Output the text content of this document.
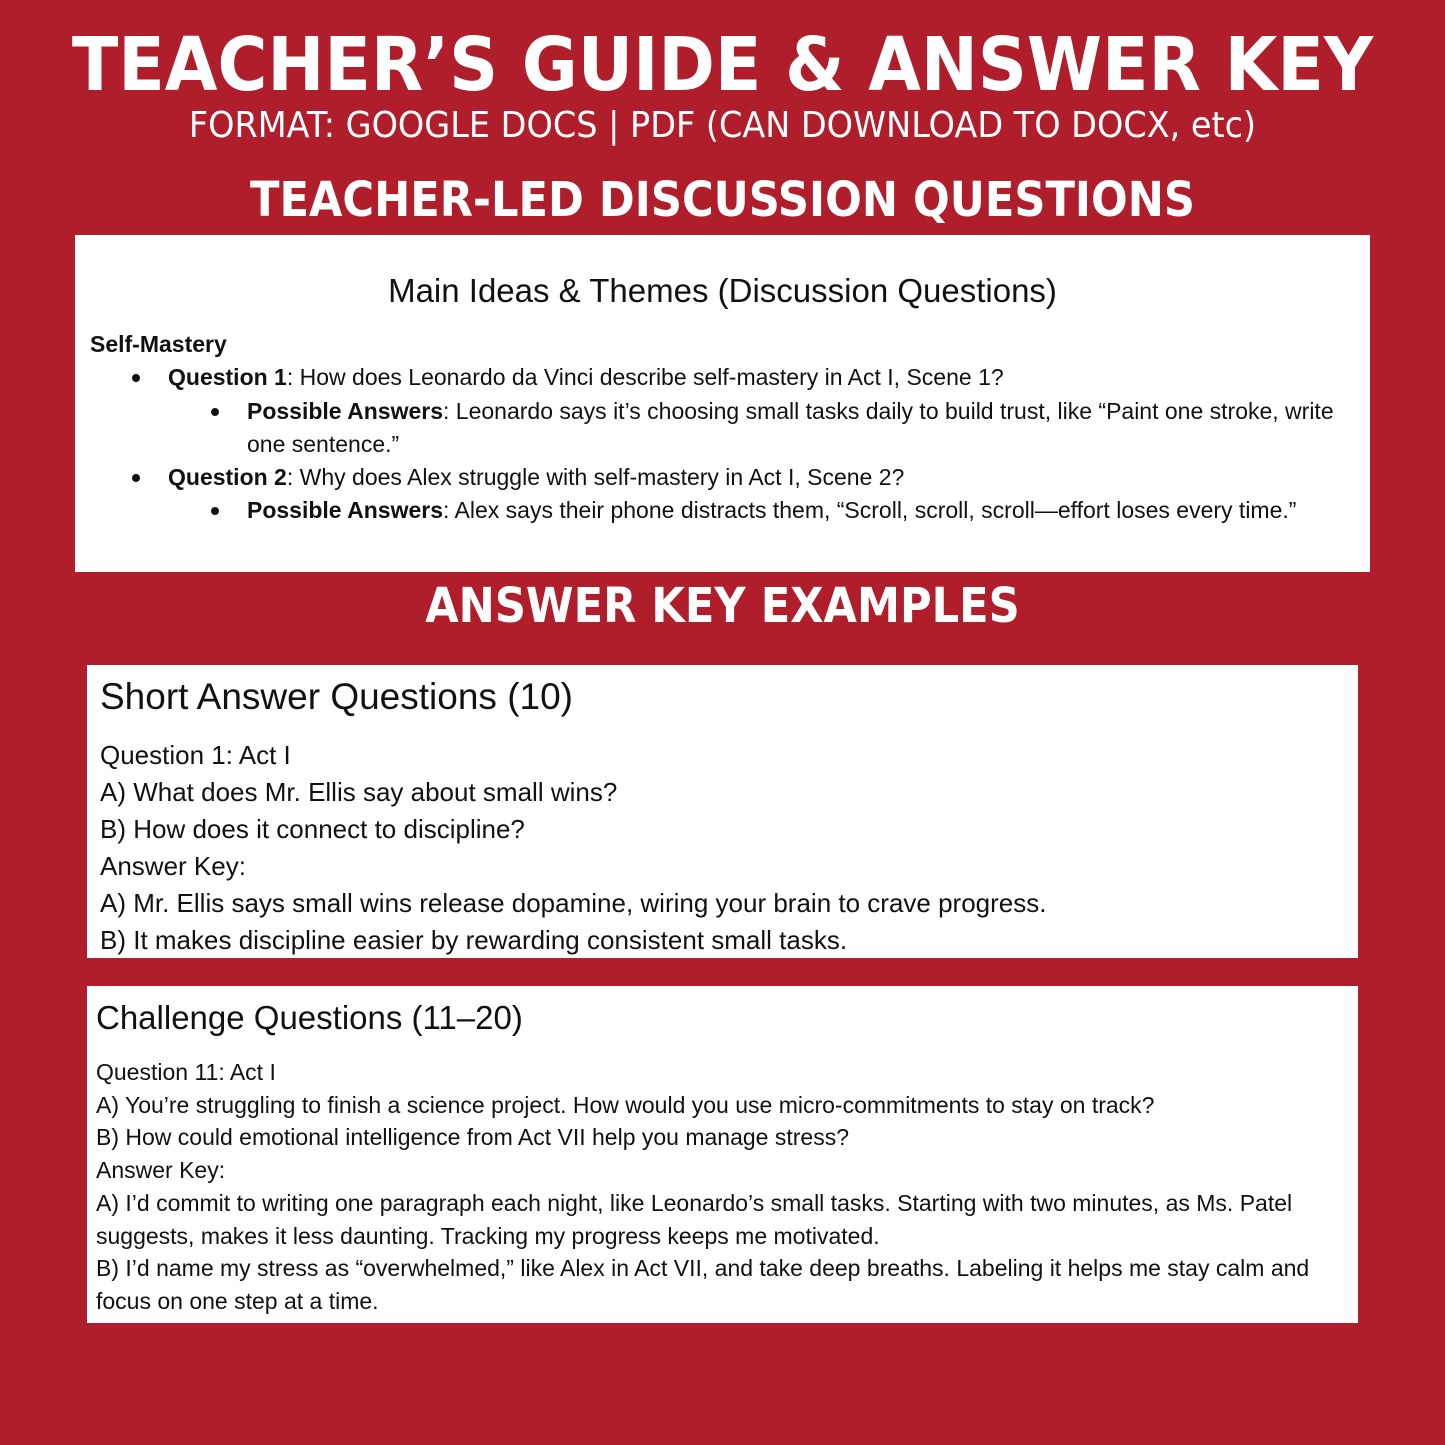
TEACHER’S GUIDE & ANSWER KEY
FORMAT: GOOGLE DOCS | PDF (CAN DOWNLOAD TO DOCX, etc)
TEACHER-LED DISCUSSION QUESTIONS
Main Ideas & Themes (Discussion Questions)
Self-Mastery
Question 1: How does Leonardo da Vinci describe self-mastery in Act I, Scene 1?
Possible Answers: Leonardo says it’s choosing small tasks daily to build trust, like “Paint one stroke, write one sentence.”
Question 2: Why does Alex struggle with self-mastery in Act I, Scene 2?
Possible Answers: Alex says their phone distracts them, “Scroll, scroll, scroll—effort loses every time.”
ANSWER KEY EXAMPLES
Short Answer Questions (10)
Question 1: Act I
A) What does Mr. Ellis say about small wins?
B) How does it connect to discipline?
Answer Key:
A) Mr. Ellis says small wins release dopamine, wiring your brain to crave progress.
B) It makes discipline easier by rewarding consistent small tasks.
Challenge Questions (11–20)
Question 11: Act I
A) You’re struggling to finish a science project. How would you use micro-commitments to stay on track?
B) How could emotional intelligence from Act VII help you manage stress?
Answer Key:
A) I’d commit to writing one paragraph each night, like Leonardo’s small tasks. Starting with two minutes, as Ms. Patel suggests, makes it less daunting. Tracking my progress keeps me motivated.
B) I’d name my stress as “overwhelmed,” like Alex in Act VII, and take deep breaths. Labeling it helps me stay calm and focus on one step at a time.
